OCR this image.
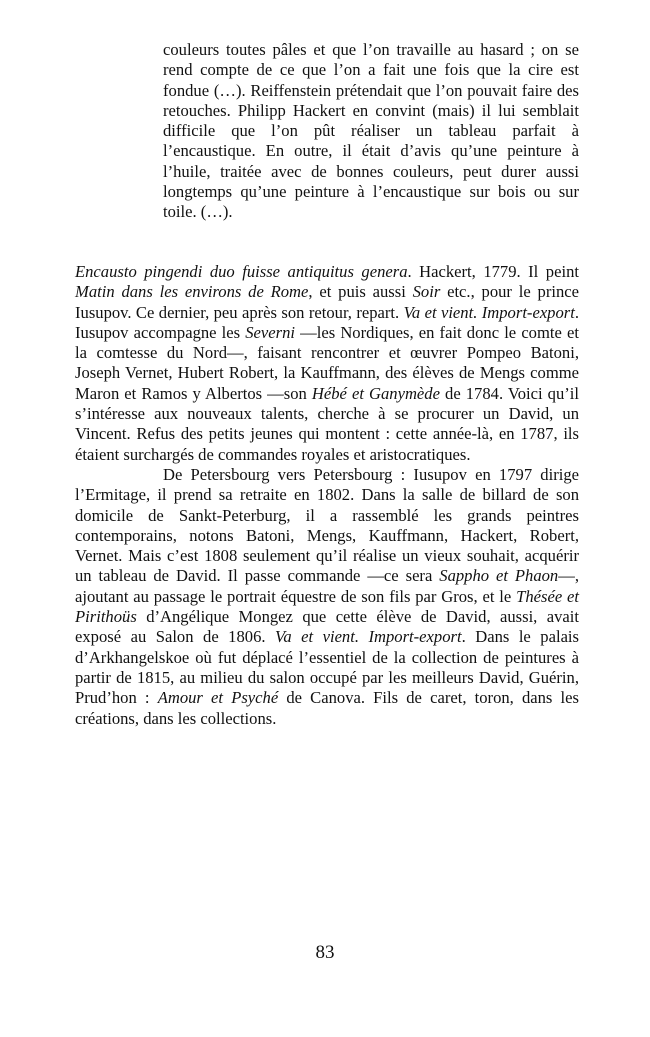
couleurs toutes pâles et que l’on travaille au hasard ; on se rend compte de ce que l’on a fait une fois que la cire est fondue (…). Reiffenstein prétendait que l’on pouvait faire des retouches. Philipp Hackert en convint (mais) il lui semblait difficile que l’on pût réaliser un tableau parfait à l’encaustique. En outre, il était d’avis qu’une peinture à l’huile, traitée avec de bonnes couleurs, peut durer aussi longtemps qu’une peinture à l’encaustique sur bois ou sur toile. (…).

Encausto pingendi duo fuisse antiquitus genera. Hackert, 1779. Il peint Matin dans les environs de Rome, et puis aussi Soir etc., pour le prince Iusupov. Ce dernier, peu après son retour, repart. Va et vient. Import-export. Iusupov accompagne les Severni —les Nordiques, en fait donc le comte et la comtesse du Nord—, faisant rencontrer et œuvrer Pompeo Batoni, Joseph Vernet, Hubert Robert, la Kauffmann, des élèves de Mengs comme Maron et Ramos y Albertos —son Hébé et Ganymède de 1784. Voici qu’il s’intéresse aux nouveaux talents, cherche à se procurer un David, un Vincent. Refus des petits jeunes qui montent : cette année-là, en 1787, ils étaient surchargés de commandes royales et aristocratiques.

De Petersbourg vers Petersbourg : Iusupov en 1797 dirige l’Ermitage, il prend sa retraite en 1802. Dans la salle de billard de son domicile de Sankt-Peterburg, il a rassemblé les grands peintres contemporains, notons Batoni, Mengs, Kauffmann, Hackert, Robert, Vernet. Mais c’est 1808 seulement qu’il réalise un vieux souhait, acquérir un tableau de David. Il passe commande —ce sera Sappho et Phaon—, ajoutant au passage le portrait équestre de son fils par Gros, et le Thésée et Pirithoüs d’Angélique Mongez que cette élève de David, aussi, avait exposé au Salon de 1806. Va et vient. Import-export. Dans le palais d’Arkhangelskoe où fut déplacé l’essentiel de la collection de peintures à partir de 1815, au milieu du salon occupé par les meilleurs David, Guérin, Prud’hon : Amour et Psyché de Canova. Fils de caret, toron, dans les créations, dans les collections.

83
